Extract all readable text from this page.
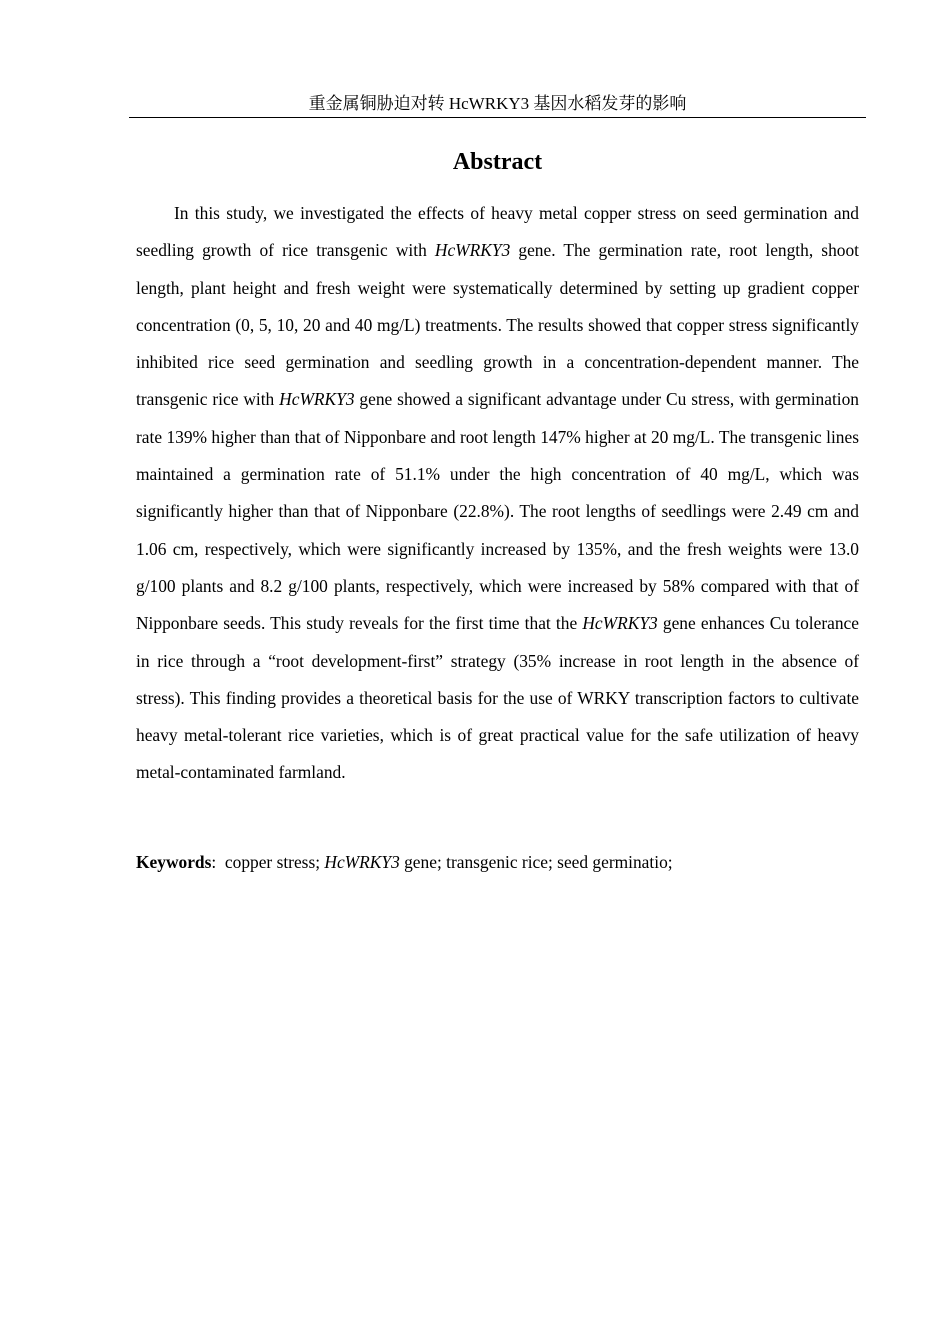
重金属铜胁迫对转 HcWRKY3 基因水稻发芽的影响
Abstract

In this study, we investigated the effects of heavy metal copper stress on seed germination and seedling growth of rice transgenic with HcWRKY3 gene. The germination rate, root length, shoot length, plant height and fresh weight were systematically determined by setting up gradient copper concentration (0, 5, 10, 20 and 40 mg/L) treatments. The results showed that copper stress significantly inhibited rice seed germination and seedling growth in a concentration-dependent manner. The transgenic rice with HcWRKY3 gene showed a significant advantage under Cu stress, with germination rate 139% higher than that of Nipponbare and root length 147% higher at 20 mg/L. The transgenic lines maintained a germination rate of 51.1% under the high concentration of 40 mg/L, which was significantly higher than that of Nipponbare (22.8%). The root lengths of seedlings were 2.49 cm and 1.06 cm, respectively, which were significantly increased by 135%, and the fresh weights were 13.0 g/100 plants and 8.2 g/100 plants, respectively, which were increased by 58% compared with that of Nipponbare seeds. This study reveals for the first time that the HcWRKY3 gene enhances Cu tolerance in rice through a “root development-first” strategy (35% increase in root length in the absence of stress). This finding provides a theoretical basis for the use of WRKY transcription factors to cultivate heavy metal-tolerant rice varieties, which is of great practical value for the safe utilization of heavy metal-contaminated farmland.

Keywords: copper stress; HcWRKY3 gene; transgenic rice; seed germinatio;
